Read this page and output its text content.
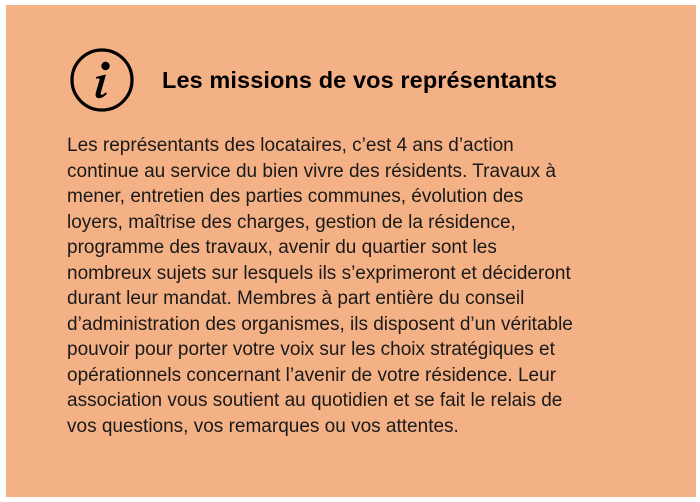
Les missions de vos représentants

Les représentants des locataires, c’est 4 ans d’action
continue au service du bien vivre des résidents. Travaux à
mener, entretien des parties communes, évolution des
loyers, maîtrise des charges, gestion de la résidence,
programme des travaux, avenir du quartier sont les
nombreux sujets sur lesquels ils s’exprimeront et décideront
durant leur mandat. Membres à part entière du conseil
d’administration des organismes, ils disposent d’un véritable
pouvoir pour porter votre voix sur les choix stratégiques et
opérationnels concernant l’avenir de votre résidence. Leur
association vous soutient au quotidien et se fait le relais de
vos questions, vos remarques ou vos attentes.
